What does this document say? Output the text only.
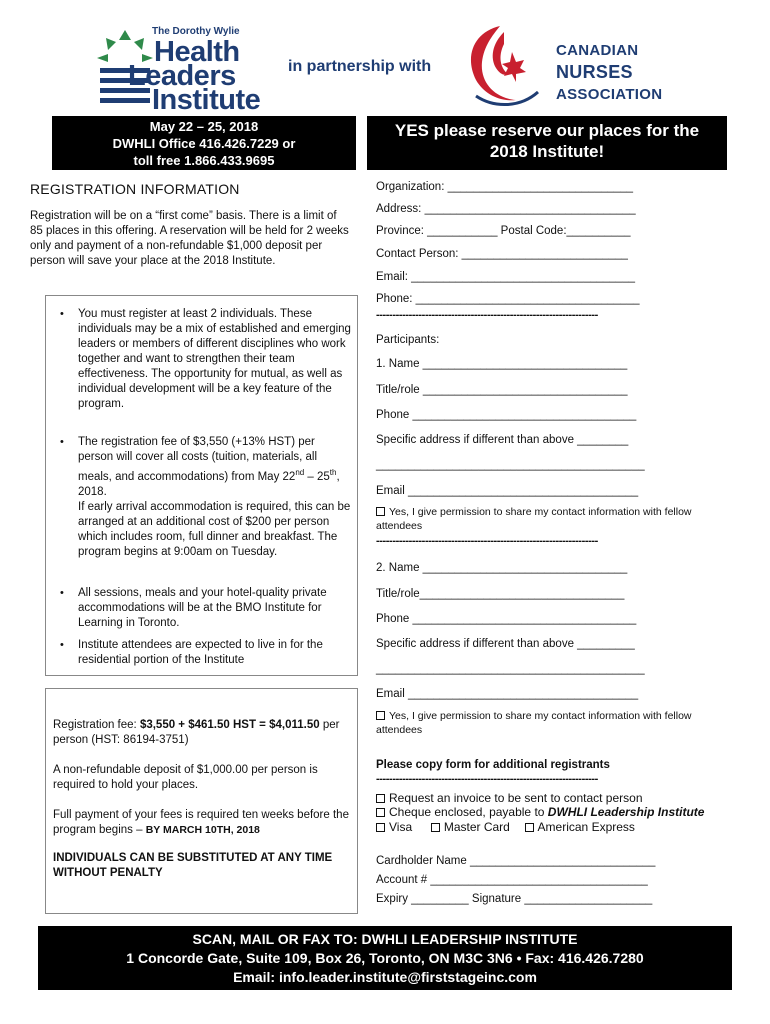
The Dorothy Wylie
Health
Leaders
Institute
in partnership with
CANADIAN
NURSES
ASSOCIATION
May 22 – 25, 2018
DWHLI Office 416.426.7229 or
toll free 1.866.433.9695
YES please reserve our places for the
2018 Institute!
REGISTRATION INFORMATION
Registration will be on a “first come” basis. There is a limit of 85 places in this offering. A reservation will be held for 2 weeks only and payment of a non-refundable $1,000 deposit per person will save your place at the 2018 Institute.
• You must register at least 2 individuals. These individuals may be a mix of established and emerging leaders or members of different disciplines who work together and want to strengthen their team effectiveness. The opportunity for mutual, as well as individual development will be a key feature of the program.
• The registration fee of $3,550 (+13% HST) per person will cover all costs (tuition, materials, all meals, and accommodations) from May 22nd – 25th, 2018.

If early arrival accommodation is required, this can be arranged at an additional cost of $200 per person which includes room, full dinner and breakfast. The program begins at 9:00am on Tuesday.

• All sessions, meals and your hotel-quality private accommodations will be at the BMO Institute for Learning in Toronto.
• Institute attendees are expected to live in for the residential portion of the Institute

Registration fee: $3,550 + $461.50 HST = $4,011.50 per person (HST: 86194-3751)

A non-refundable deposit of $1,000.00 per person is required to hold your places.

Full payment of your fees is required ten weeks before the program begins – BY MARCH 10TH, 2018

INDIVIDUALS CAN BE SUBSTITUTED AT ANY TIME WITHOUT PENALTY
Organization: _____________________________
Address: _________________________________
Province: ___________ Postal Code:__________
Contact Person: __________________________
Email: ___________________________________
Phone: ___________________________________
--------------------------------------------------------------------
Participants:
1. Name ________________________________
Title/role ________________________________
Phone ___________________________________
Specific address if different than above ________
__________________________________________
Email ____________________________________
Yes, I give permission to share my contact information with fellow attendees
--------------------------------------------------------------------
2. Name ________________________________
Title/role________________________________
Phone ___________________________________
Specific address if different than above _________
__________________________________________
Email ____________________________________
Yes, I give permission to share my contact information with fellow attendees
Please copy form for additional registrants
--------------------------------------------------------------------
Request an invoice to be sent to contact person
Cheque enclosed, payable to DWHLI Leadership Institute
Visa	Master Card American Express
Cardholder Name _____________________________
Account # __________________________________
Expiry _________ Signature ____________________
SCAN, MAIL OR FAX TO: DWHLI LEADERSHIP INSTITUTE
1 Concorde Gate, Suite 109, Box 26, Toronto, ON M3C 3N6 • Fax: 416.426.7280
Email: info.leader.institute@firststageinc.com
